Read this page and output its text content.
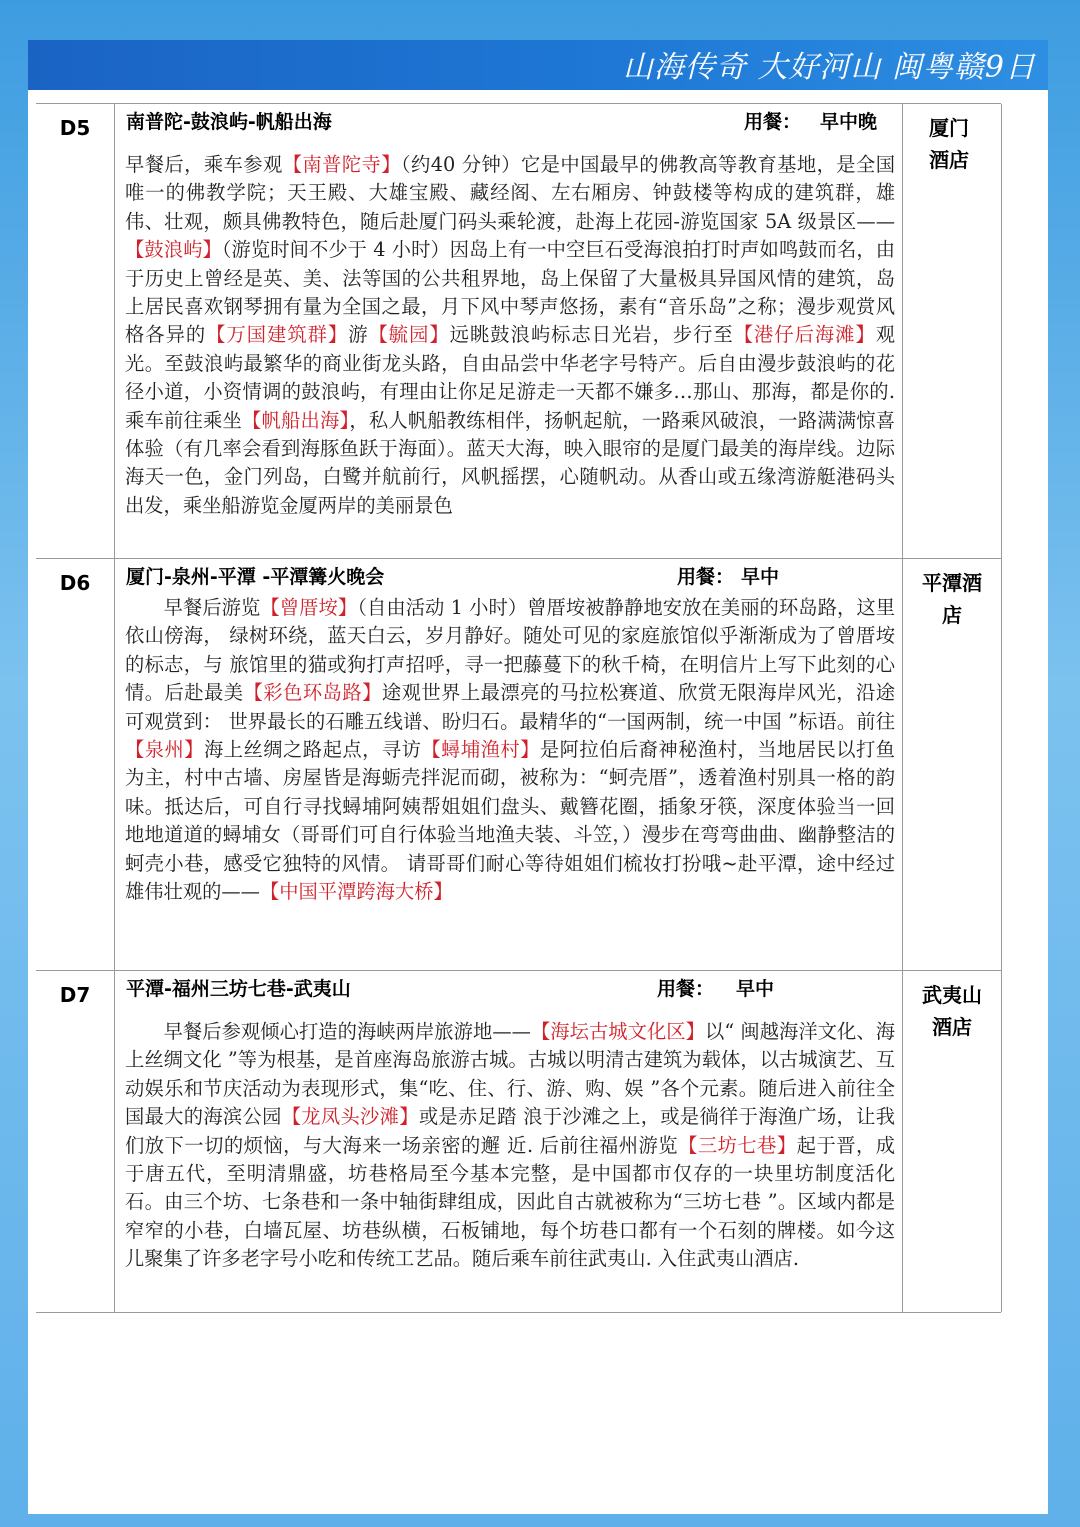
山海传奇 大好河山 闽粤赣9日
D5	南普陀-鼓浪屿-帆船出海	用餐： 早中晚	厦门酒店

早餐后，乘车参观【南普陀寺】（约40 分钟）它是中国最早的佛教高等教育基地，是全国唯一的佛教学院；天王殿、大雄宝殿、藏经阁、左右厢房、钟鼓楼等构成的建筑群，雄伟、壮观，颇具佛教特色，随后赴厦门码头乘轮渡，赴海上花园-游览国家 5A 级景区——【鼓浪屿】（游览时间不少于 4 小时）因岛上有一中空巨石受海浪拍打时声如鸣鼓而名，由于历史上曾经是英、美、法等国的公共租界地，岛上保留了大量极具异国风情的建筑，岛上居民喜欢钢琴拥有量为全国之最，月下风中琴声悠扬，素有“音乐岛”之称；漫步观赏风格各异的【万国建筑群】游【毓园】远眺鼓浪屿标志日光岩，步行至【港仔后海滩】观光。至鼓浪屿最繁华的商业街龙头路，自由品尝中华老字号特产。后自由漫步鼓浪屿的花径小道，小资情调的鼓浪屿，有理由让你足足游走一天都不嫌多…那山、那海，都是你的. 乘车前往乘坐【帆船出海】，私人帆船教练相伴，扬帆起航，一路乘风破浪，一路满满惊喜体验（有几率会看到海豚鱼跃于海面）。蓝天大海，映入眼帘的是厦门最美的海岸线。边际海天一色，金门列岛，白鹭并航前行，风帆摇摆，心随帆动。从香山或五缘湾游艇港码头出发，乘坐船游览金厦两岸的美丽景色

D6	厦门-泉州-平潭 -平潭篝火晚会	用餐： 早中	平潭酒店

早餐后游览【曾厝垵】（自由活动 1 小时）曾厝垵被静静地安放在美丽的环岛路，这里依山傍海， 绿树环绕，蓝天白云，岁月静好。随处可见的家庭旅馆似乎渐渐成为了曾厝垵的标志，与 旅馆里的猫或狗打声招呼，寻一把藤蔓下的秋千椅，在明信片上写下此刻的心情。后赴最美【彩色环岛路】途观世界上最漂亮的马拉松赛道、欣赏无限海岸风光，沿途可观赏到： 世界最长的石雕五线谱、盼归石。最精华的“一国两制，统一中国 ”标语。前往【泉州】海上丝绸之路起点，寻访【蟳埔渔村】是阿拉伯后裔神秘渔村，当地居民以打鱼为主，村中古墙、房屋皆是海蛎壳拌泥而砌，被称为：“蚵壳厝”，透着渔村别具一格的韵味。抵达后，可自行寻找蟳埔阿姨帮姐姐们盘头、戴簪花圈，插象牙筷，深度体验当一回地地道道的蟳埔女（哥哥们可自行体验当地渔夫装、斗笠，）漫步在弯弯曲曲、幽静整洁的蚵壳小巷，感受它独特的风情。 请哥哥们耐心等待姐姐们梳妆打扮哦~赴平潭，途中经过雄伟壮观的——【中国平潭跨海大桥】

D7	平潭-福州三坊七巷-武夷山	用餐： 早中	武夷山酒店

早餐后参观倾心打造的海峡两岸旅游地——【海坛古城文化区】以“ 闽越海洋文化、海上丝绸文化 ”等为根基，是首座海岛旅游古城。古城以明清古建筑为载体，以古城演艺、互动娱乐和节庆活动为表现形式，集“吃、住、行、游、购、娱 ”各个元素。随后进入前往全国最大的海滨公园【龙凤头沙滩】或是赤足踏 浪于沙滩之上，或是徜徉于海渔广场，让我们放下一切的烦恼，与大海来一场亲密的邂 近. 后前往福州游览【三坊七巷】起于晋，成于唐五代，至明清鼎盛，坊巷格局至今基本完整，是中国都市仅存的一块里坊制度活化石。由三个坊、七条巷和一条中轴街肆组成，因此自古就被称为“三坊七巷 ”。区域内都是窄窄的小巷，白墙瓦屋、坊巷纵横，石板铺地，每个坊巷口都有一个石刻的牌楼。如今这儿聚集了许多老字号小吃和传统工艺品。随后乘车前往武夷山. 入住武夷山酒店.
